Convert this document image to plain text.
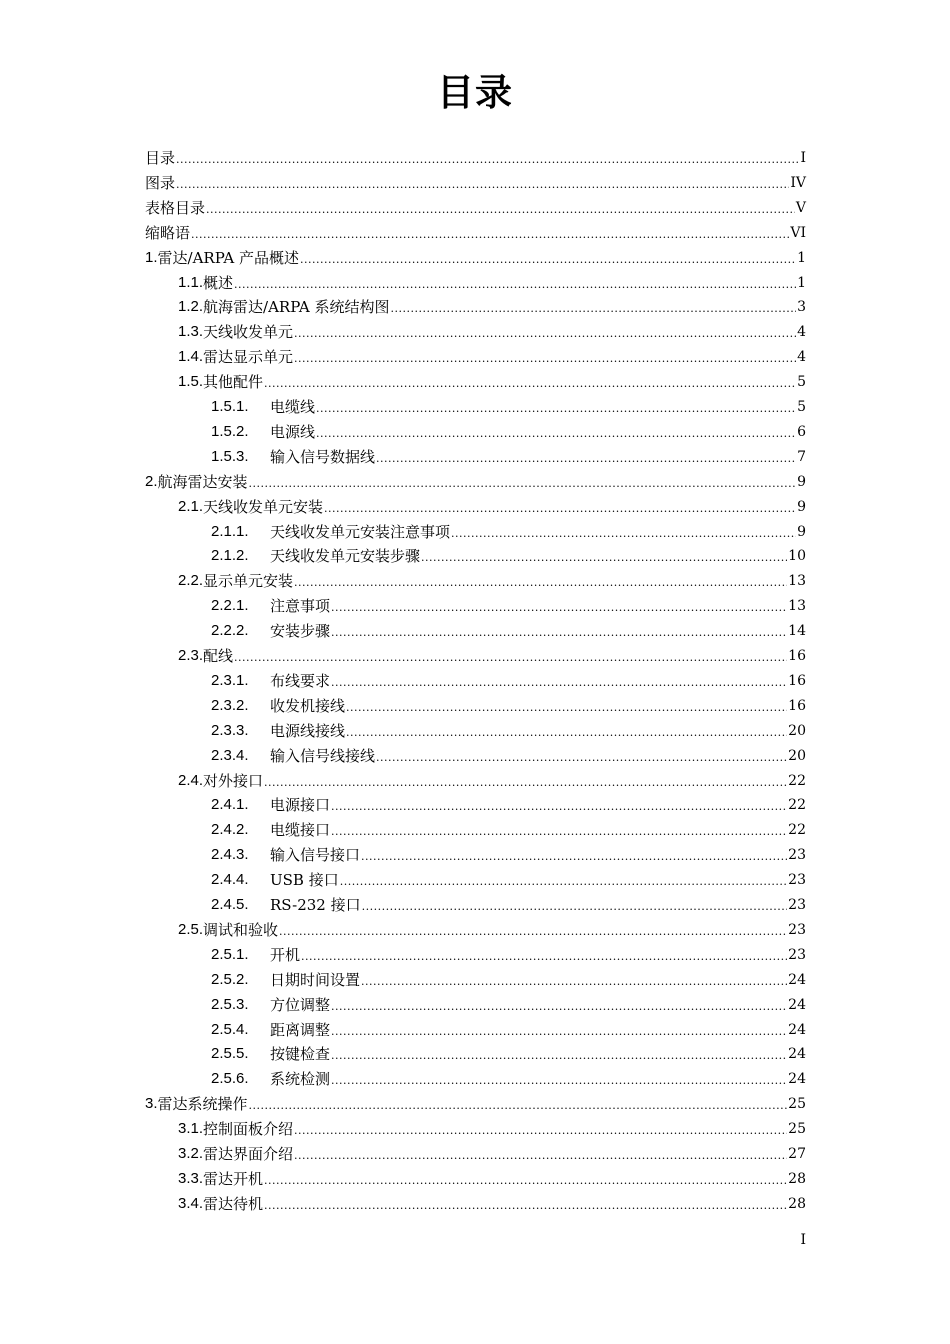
目录
目录 .....	I
图录 .....	IV
表格目录 .....	V
缩略语 .....	VI
1. 雷达/ARPA 产品概述 .....	1
1.1. 概述 .....	1
1.2. 航海雷达/ARPA 系统结构图 .....	3
1.3. 天线收发单元 .....	4
1.4. 雷达显示单元 .....	4
1.5. 其他配件 .....	5
1.5.1.	电缆线 .....	5
1.5.2.	电源线 .....	6
1.5.3.	输入信号数据线 .....	7
2. 航海雷达安装 .....	9
2.1. 天线收发单元安装 .....	9
2.1.1.	天线收发单元安装注意事项 .....	9
2.1.2.	天线收发单元安装步骤 .....	10
2.2. 显示单元安装 .....	13
2.2.1.	注意事项 .....	13
2.2.2.	安装步骤 .....	14
2.3. 配线 .....	16
2.3.1.	布线要求 .....	16
2.3.2.	收发机接线 .....	16
2.3.3.	电源线接线 .....	20
2.3.4.	输入信号线接线 .....	20
2.4. 对外接口 .....	22
2.4.1.	电源接口 .....	22
2.4.2.	电缆接口 .....	22
2.4.3.	输入信号接口 .....	23
2.4.4.	USB 接口 .....	23
2.4.5.	RS-232 接口 .....	23
2.5. 调试和验收 .....	23
2.5.1.	开机 .....	23
2.5.2.	日期时间设置 .....	24
2.5.3.	方位调整 .....	24
2.5.4.	距离调整 .....	24
2.5.5.	按键检查 .....	24
2.5.6.	系统检测 .....	24
3. 雷达系统操作 .....	25
3.1. 控制面板介绍 .....	25
3.2. 雷达界面介绍 .....	27
3.3. 雷达开机 .....	28
3.4. 雷达待机 .....	28
I
